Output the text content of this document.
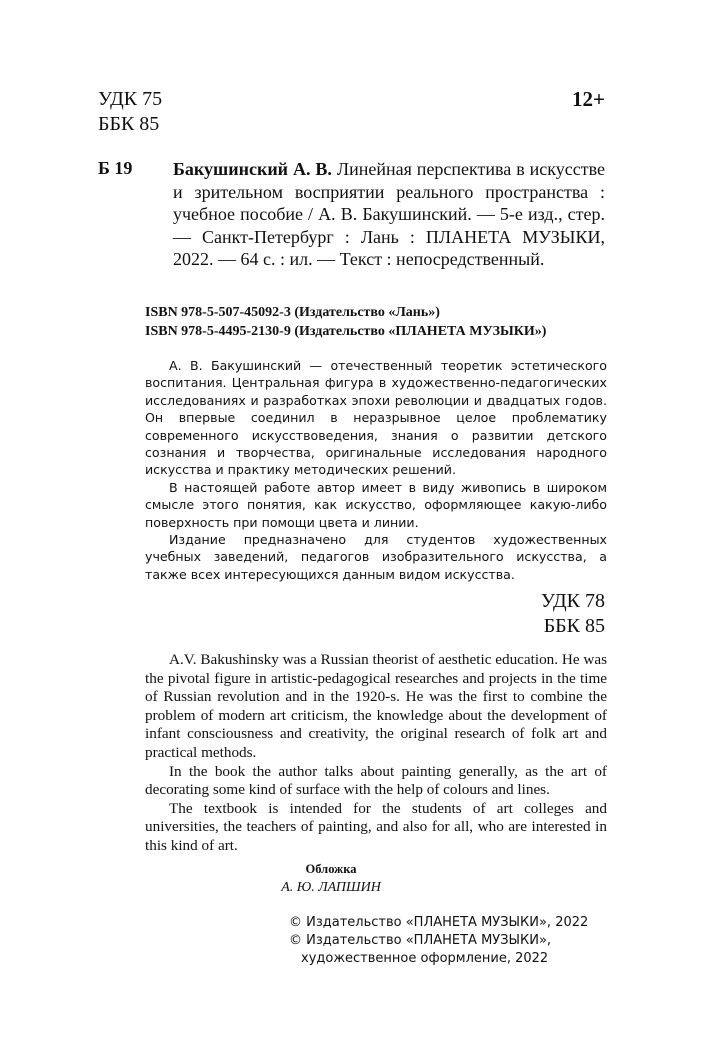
УДК 75
ББК 85
12+
Б 19 Бакушинский А. В. Линейная перспектива в искусстве и зрительном восприятии реального пространства : учебное пособие / А. В. Бакушинский. — 5-е изд., стер. — Санкт-Петербург : Лань : ПЛАНЕТА МУЗЫКИ, 2022. — 64 с. : ил. — Текст : непосредственный.
ISBN 978-5-507-45092-3 (Издательство «Лань»)
ISBN 978-5-4495-2130-9 (Издательство «ПЛАНЕТА МУЗЫКИ»)

А. В. Бакушинский — отечественный теоретик эстетического воспитания. Центральная фигура в художественно-педагогических исследованиях и разработках эпохи революции и двадцатых годов. Он впервые соединил в неразрывное целое проблематику современного искусствоведения, знания о развитии детского сознания и творчества, оригинальные исследования народного искусства и практику методических решений.

В настоящей работе автор имеет в виду живопись в широком смысле этого понятия, как искусство, оформляющее какую-либо поверхность при помощи цвета и линии.

Издание предназначено для студентов художественных учебных заведений, педагогов изобразительного искусства, а также всех интересующихся данным видом искусства.

УДК 78
ББК 85

A.V. Bakushinsky was a Russian theorist of aesthetic education. He was the pivotal figure in artistic-pedagogical researches and projects in the time of Russian revolution and in the 1920-s. He was the first to combine the problem of modern art criticism, the knowledge about the development of infant consciousness and creativity, the original research of folk art and practical methods.

In the book the author talks about painting generally, as the art of decorating some kind of surface with the help of colours and lines.

The textbook is intended for the students of art colleges and universities, the teachers of painting, and also for all, who are interested in this kind of art.

Обложка
А. Ю. ЛАПШИН
© Издательство «ПЛАНЕТА МУЗЫКИ», 2022
© Издательство «ПЛАНЕТА МУЗЫКИ»,
художественное оформление, 2022
